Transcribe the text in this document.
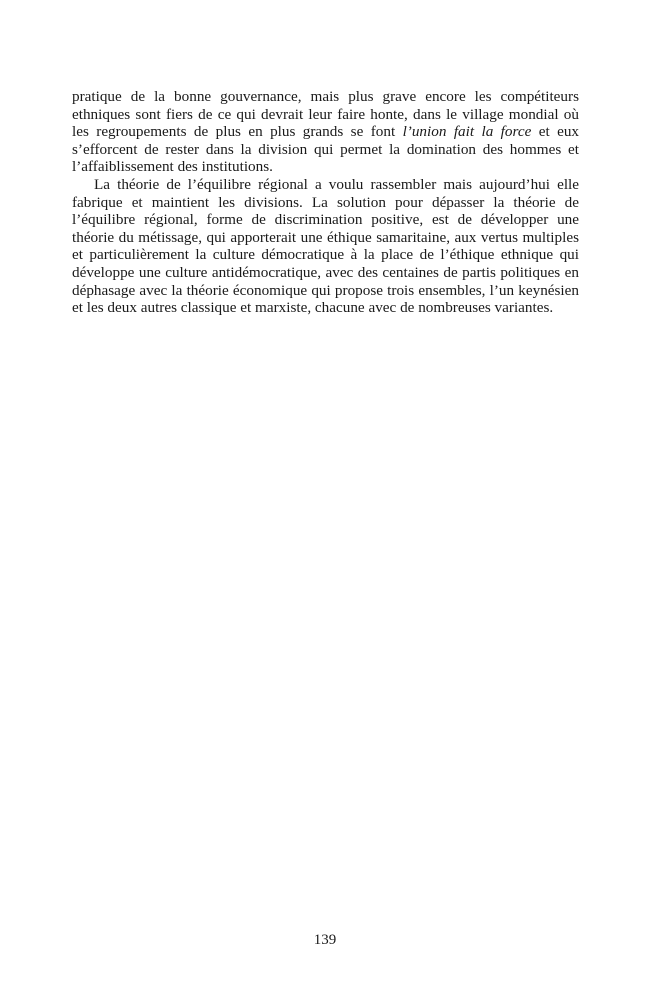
pratique de la bonne gouvernance, mais plus grave encore les compétiteurs ethniques sont fiers de ce qui devrait leur faire honte, dans le village mondial où les regroupements de plus en plus grands se font l’union fait la force et eux s’efforcent de rester dans la division qui permet la domination des hommes et l’affaiblissement des institutions.

La théorie de l’équilibre régional a voulu rassembler mais aujourd’hui elle fabrique et maintient les divisions. La solution pour dépasser la théorie de l’équilibre régional, forme de discrimination positive, est de développer une théorie du métissage, qui apporterait une éthique samaritaine, aux vertus multiples et particulièrement la culture démocratique à la place de l’éthique ethnique qui développe une culture antidémocratique, avec des centaines de partis politiques en déphasage avec la théorie économique qui propose trois ensembles, l’un keynésien et les deux autres classique et marxiste, chacune avec de nombreuses variantes.

139
